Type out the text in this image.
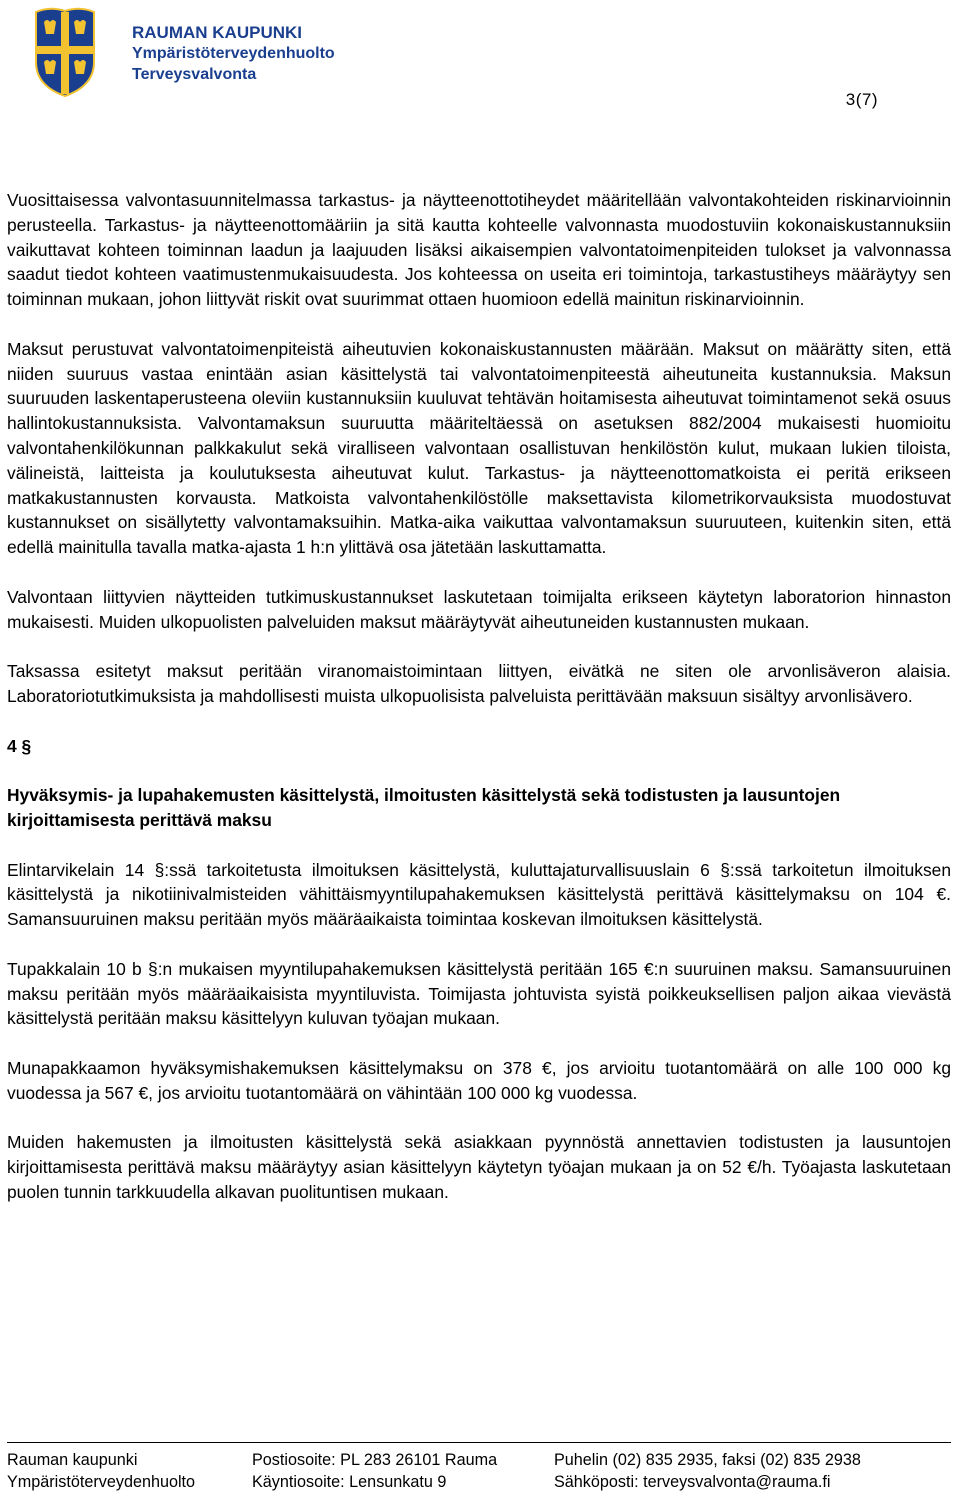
RAUMAN KAUPUNKI
Ympäristöterveydenhuolto
Terveysvalvonta
3(7)

Vuosittaisessa valvontasuunnitelmassa tarkastus- ja näytteenottotiheydet määritellään valvontakohteiden riskinarvioinnin perusteella. Tarkastus- ja näytteenottomääriin ja sitä kautta kohteelle valvonnasta muodostuviin kokonaiskustannuksiin vaikuttavat kohteen toiminnan laadun ja laajuuden lisäksi aikaisempien valvontatoimenpiteiden tulokset ja valvonnassa saadut tiedot kohteen vaatimustenmukaisuudesta. Jos kohteessa on useita eri toimintoja, tarkastustiheys määräytyy sen toiminnan mukaan, johon liittyvät riskit ovat suurimmat ottaen huomioon edellä mainitun riskinarvioinnin.

Maksut perustuvat valvontatoimenpiteistä aiheutuvien kokonaiskustannusten määrään. Maksut on määrätty siten, että niiden suuruus vastaa enintään asian käsittelystä tai valvontatoimenpiteestä aiheutuneita kustannuksia. Maksun suuruuden laskentaperusteena oleviin kustannuksiin kuuluvat tehtävän hoitamisesta aiheutuvat toimintamenot sekä osuus hallintokustannuksista. Valvontamaksun suuruutta määriteltäessä on asetuksen 882/2004 mukaisesti huomioitu valvontahenkilökunnan palkkakulut sekä viralliseen valvontaan osallistuvan henkilöstön kulut, mukaan lukien tiloista, välineistä, laitteista ja koulutuksesta aiheutuvat kulut. Tarkastus- ja näytteenottomatkoista ei peritä erikseen matkakustannusten korvausta. Matkoista valvontahenkilöstölle maksettavista kilometrikorvauksista muodostuvat kustannukset on sisällytetty valvontamaksuihin. Matka-aika vaikuttaa valvontamaksun suuruuteen, kuitenkin siten, että edellä mainitulla tavalla matka-ajasta 1 h:n ylittävä osa jätetään laskuttamatta.

Valvontaan liittyvien näytteiden tutkimuskustannukset laskutetaan toimijalta erikseen käytetyn laboratorion hinnaston mukaisesti. Muiden ulkopuolisten palveluiden maksut määräytyvät aiheutuneiden kustannusten mukaan.

Taksassa esitetyt maksut peritään viranomaistoimintaan liittyen, eivätkä ne siten ole arvonlisäveron alaisia. Laboratoriotutkimuksista ja mahdollisesti muista ulkopuolisista palveluista perittävään maksuun sisältyy arvonlisävero.

4 §

Hyväksymis- ja lupahakemusten käsittelystä, ilmoitusten käsittelystä sekä todistusten ja lausuntojen kirjoittamisesta perittävä maksu

Elintarvikelain 14 §:ssä tarkoitetusta ilmoituksen käsittelystä, kuluttajaturvallisuuslain 6 §:ssä tarkoitetun ilmoituksen käsittelystä ja nikotiinivalmisteiden vähittäismyyntilupahakemuksen käsittelystä perittävä käsittelymaksu on 104 €. Samansuuruinen maksu peritään myös määräaikaista toimintaa koskevan ilmoituksen käsittelystä.

Tupakkalain 10 b §:n mukaisen myyntilupahakemuksen käsittelystä peritään 165 €:n suuruinen maksu. Samansuuruinen maksu peritään myös määräaikaisista myyntiluvista. Toimijasta johtuvista syistä poikkeuksellisen paljon aikaa vievästä käsittelystä peritään maksu käsittelyyn kuluvan työajan mukaan.

Munapakkaamon hyväksymishakemuksen käsittelymaksu on 378 €, jos arvioitu tuotantomäärä on alle 100 000 kg vuodessa ja 567 €, jos arvioitu tuotantomäärä on vähintään 100 000 kg vuodessa.

Muiden hakemusten ja ilmoitusten käsittelystä sekä asiakkaan pyynnöstä annettavien todistusten ja lausuntojen kirjoittamisesta perittävä maksu määräytyy asian käsittelyyn käytetyn työajan mukaan ja on 52 €/h. Työajasta laskutetaan puolen tunnin tarkkuudella alkavan puolituntisen mukaan.

Rauman kaupunki	Postiosoite: PL 283 26101 Rauma	Puhelin (02) 835 2935, faksi (02) 835 2938
Ympäristöterveydenhuolto	Käyntiosoite: Lensunkatu 9	Sähköposti: terveysvalvonta@rauma.fi
